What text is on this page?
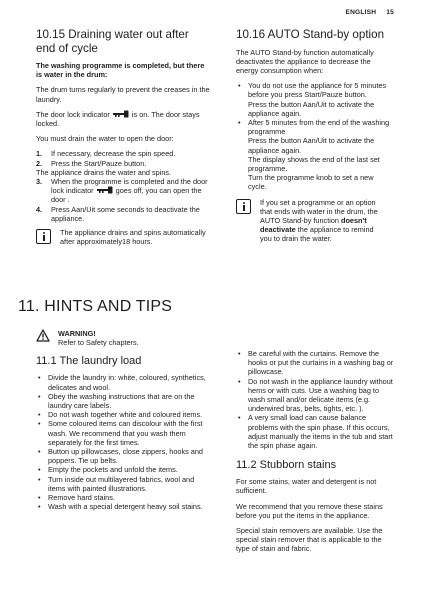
ENGLISH 15
10.15 Draining water out after end of cycle

The washing programme is completed, but there is water in the drum:

The drum turns regularly to prevent the creases in the laundry.

The door lock indicator	is on. The door stays locked.

You must drain the water to open the door:

1. If necessary, decrease the spin speed.
2. Press the Start/Pauze button.
The appliance drains the water and spins.
3. When the programme is completed and the door lock indicator	goes off, you can open the door .
4. Press Aan/Uit some seconds to deactivate the appliance.
The appliance drains and spins automatically after approximately18 hours.
10.16 AUTO Stand-by option

The AUTO Stand-by function automatically deactivates the appliance to decrease the energy consumption when:

• You do not use the appliance for 5 minutes before you press Start/Pauze button.
Press the button Aan/Uit to activate the appliance again.
• After 5 minutes from the end of the washing programme
Press the button Aan/Uit to activate the appliance again.
The display shows the end of the last set programme.
Turn the programme knob to set a new cycle.
If you set a programme or an option that ends with water in the drum, the AUTO Stand-by function doesn't deactivate the appliance to remind you to drain the water.
11. HINTS AND TIPS
WARNING!
Refer to Safety chapters.
11.1 The laundry load
• Divide the laundry in: white, coloured, synthetics, delicates and wool.
• Obey the washing instructions that are on the laundry care labels.
• Do not wash together white and coloured items.
• Some coloured items can discolour with the first wash. We recommend that you wash them separately for the first times.
• Button up pillowcases, close zippers, hooks and poppers. Tie up belts.
• Empty the pockets and unfold the items.
• Turn inside out multilayered fabrics, wool and items with painted illustrations.
• Remove hard stains.
• Wash with a special detergent heavy soil stains.
• Be careful with the curtains. Remove the hooks or put the curtains in a washing bag or pillowcase.
• Do not wash in the appliance laundry without hems or with cuts. Use a washing bag to wash small and/or delicate items (e.g. underwired bras, belts, tights, etc. ).
• A very small load can cause balance problems with the spin phase. If this occurs, adjust manually the items in the tub and start the spin phase again.
11.2 Stubborn stains

For some stains, water and detergent is not sufficient.

We recommend that you remove these stains before you put the items in the appliance.

Special stain removers are available. Use the special stain remover that is applicable to the type of stain and fabric.
